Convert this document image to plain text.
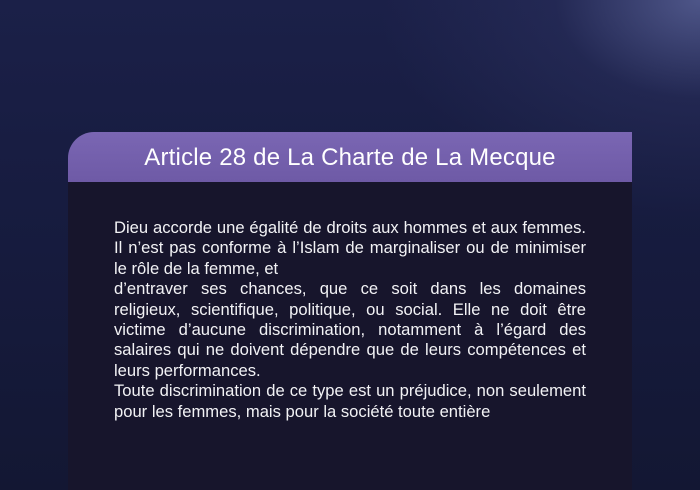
Article 28 de La Charte de La Mecque
Dieu accorde une égalité de droits aux hommes et aux femmes. Il n’est pas conforme à l’Islam de marginaliser ou de minimiser le rôle de la femme, et
d’entraver ses chances, que ce soit dans les domaines religieux, scientifique, politique, ou social. Elle ne doit être victime d’aucune discrimination, notamment à l’égard des salaires qui ne doivent dépendre que de leurs compétences et leurs performances.
Toute discrimination de ce type est un préjudice, non seulement pour les femmes, mais pour la société toute entière
